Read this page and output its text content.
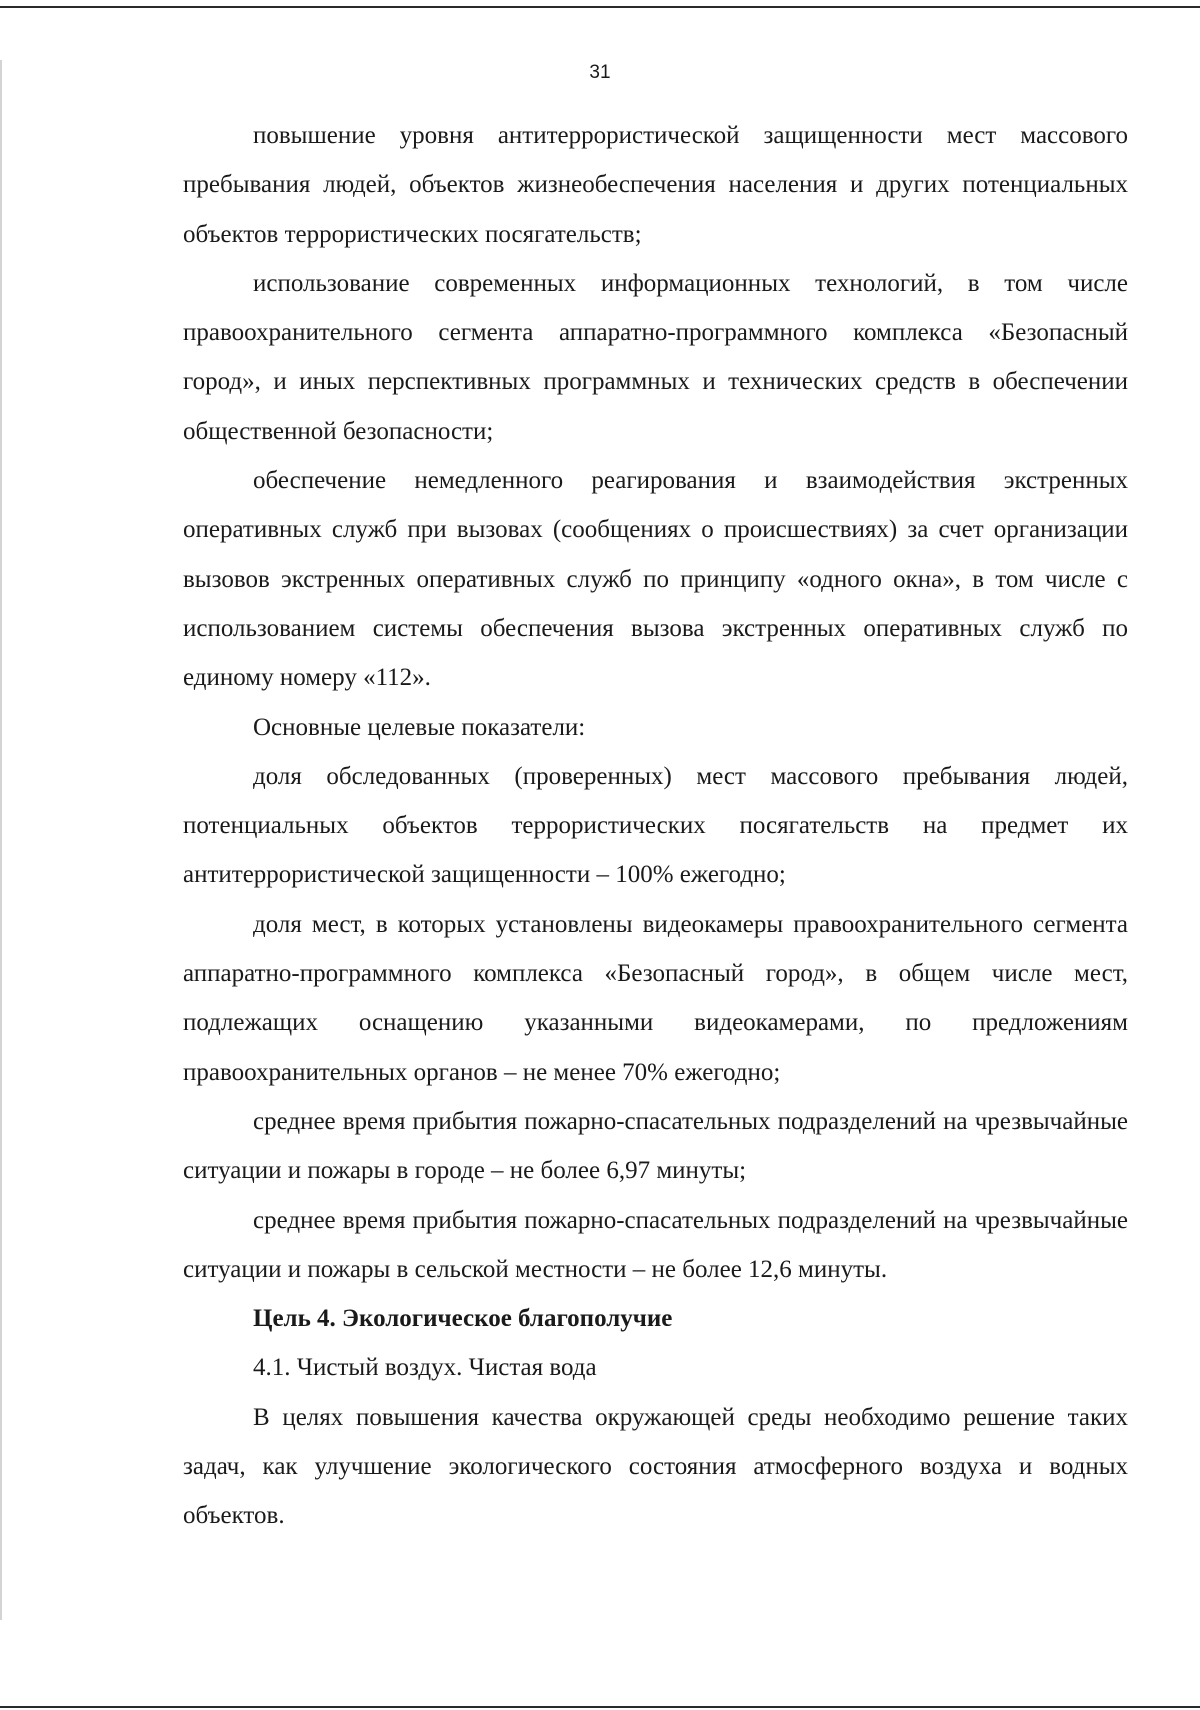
31

повышение уровня антитеррористической защищенности мест массового пребывания людей, объектов жизнеобеспечения населения и других потенциальных объектов террористических посягательств;

использование современных информационных технологий, в том числе правоохранительного сегмента аппаратно-программного комплекса «Безопасный город», и иных перспективных программных и технических средств в обеспечении общественной безопасности;

обеспечение немедленного реагирования и взаимодействия экстренных оперативных служб при вызовах (сообщениях о происшествиях) за счет организации вызовов экстренных оперативных служб по принципу «одного окна», в том числе с использованием системы обеспечения вызова экстренных оперативных служб по единому номеру «112».

Основные целевые показатели:

доля обследованных (проверенных) мест массового пребывания людей, потенциальных объектов террористических посягательств на предмет их антитеррористической защищенности – 100% ежегодно;

доля мест, в которых установлены видеокамеры правоохранительного сегмента аппаратно-программного комплекса «Безопасный город», в общем числе мест, подлежащих оснащению указанными видеокамерами, по предложениям правоохранительных органов – не менее 70% ежегодно;

среднее время прибытия пожарно-спасательных подразделений на чрезвычайные ситуации и пожары в городе – не более 6,97 минуты;

среднее время прибытия пожарно-спасательных подразделений на чрезвычайные ситуации и пожары в сельской местности – не более 12,6 минуты.

Цель 4. Экологическое благополучие

4.1. Чистый воздух. Чистая вода

В целях повышения качества окружающей среды необходимо решение таких задач, как улучшение экологического состояния атмосферного воздуха и водных объектов.
